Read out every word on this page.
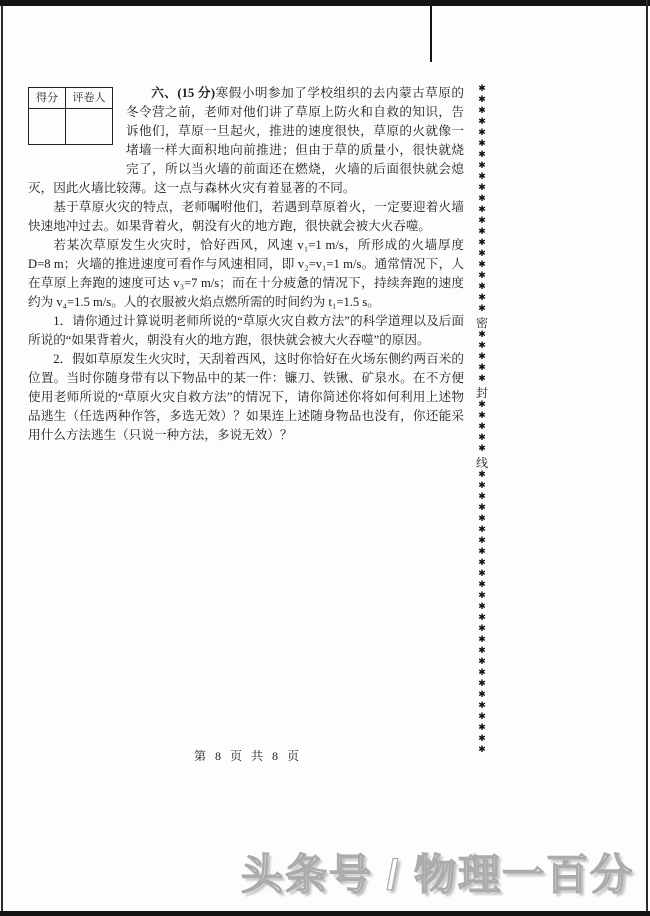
得分	评卷人
		六、(15 分)寒假小明参加了学校组织的去内蒙古草原的冬令营之前，老师对他们讲了草原上防火和自救的知识，告诉他们，草原一旦起火，推进的速度很快，草原的火就像一堵墙一样大面积地向前推进；但由于草的质量小，很快就烧完了，所以当火墙的前面还在燃烧，火墙的后面很快就会熄灭，因此火墙比较薄。这一点与森林火灾有着显著的不同。

基于草原火灾的特点，老师嘱咐他们，若遇到草原着火，一定要迎着火墙快速地冲过去。如果背着火，朝没有火的地方跑，很快就会被大火吞噬。

若某次草原发生火灾时，恰好西风，风速 v₁=1 m/s，所形成的火墙厚度 D=8 m；火墙的推进速度可看作与风速相同，即 v₂=v₁=1 m/s。通常情况下，人在草原上奔跑的速度可达 v₃=7 m/s；而在十分疲惫的情况下，持续奔跑的速度约为 v₄=1.5 m/s。人的衣服被火焰点燃所需的时间约为 t₁=1.5 s。

1．请你通过计算说明老师所说的“草原火灾自救方法”的科学道理以及后面所说的“如果背着火，朝没有火的地方跑，很快就会被大火吞噬”的原因。

2．假如草原发生火灾时，天刮着西风，这时你恰好在火场东侧约两百米的位置。当时你随身带有以下物品中的某一件：镰刀、铁锹、矿泉水。在不方便使用老师所说的“草原火灾自救方法”的情况下，请你简述你将如何利用上述物品逃生（任选两种作答，多选无效）？如果连上述随身物品也没有，你还能采用什么方法逃生（只说一种方法，多说无效）？

✱
✱
✱
✱
✱
✱
✱
✱
✱
✱
✱
✱
✱
✱
✱
✱
✱
✱
✱
✱
✱
密
✱
✱
✱
✱
✱
封
✱
✱
✱
✱
✱
线
✱
✱
✱
✱
✱
✱
✱
✱
✱
✱
✱
✱
✱
✱
✱
✱
✱
✱
✱
✱
✱
✱
✱
✱
✱
✱
第 8 页 共 8 页
头条号 / 物理一百分
